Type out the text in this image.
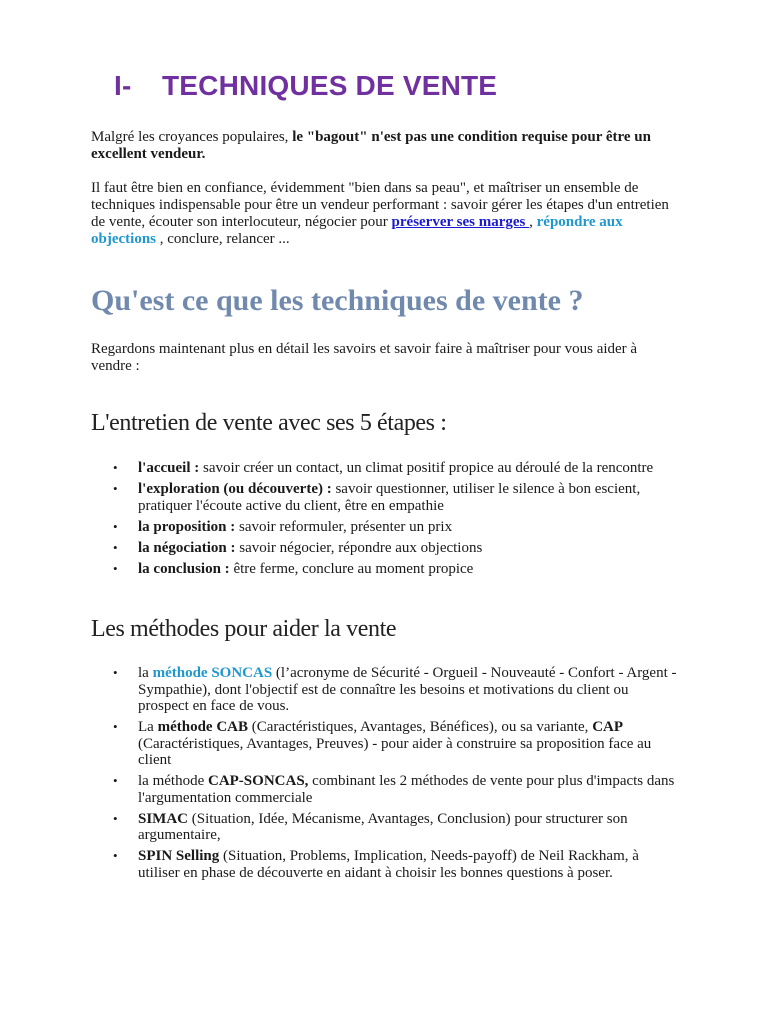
I- TECHNIQUES DE VENTE
Malgré les croyances populaires, le "bagout" n'est pas une condition requise pour être un excellent vendeur.
Il faut être bien en confiance, évidemment "bien dans sa peau", et maîtriser un ensemble de techniques indispensable pour être un vendeur performant : savoir gérer les étapes d'un entretien de vente, écouter son interlocuteur, négocier pour préserver ses marges , répondre aux objections , conclure, relancer ...
Qu'est ce que les techniques de vente ?
Regardons maintenant plus en détail les savoirs et savoir faire à maîtriser pour vous aider à vendre :
L'entretien de vente avec ses 5 étapes :
• l'accueil : savoir créer un contact, un climat positif propice au déroulé de la rencontre
• l'exploration (ou découverte) : savoir questionner, utiliser le silence à bon escient, pratiquer l'écoute active du client, être en empathie
• la proposition : savoir reformuler, présenter un prix
• la négociation : savoir négocier, répondre aux objections
• la conclusion : être ferme, conclure au moment propice
Les méthodes pour aider la vente
• la méthode SONCAS (l’acronyme de Sécurité - Orgueil - Nouveauté - Confort - Argent - Sympathie), dont l'objectif est de connaître les besoins et motivations du client ou prospect en face de vous.
• La méthode CAB (Caractéristiques, Avantages, Bénéfices), ou sa variante, CAP (Caractéristiques, Avantages, Preuves) - pour aider à construire sa proposition face au client
• la méthode CAP-SONCAS, combinant les 2 méthodes de vente pour plus d'impacts dans l'argumentation commerciale
• SIMAC (Situation, Idée, Mécanisme, Avantages, Conclusion) pour structurer son argumentaire,
• SPIN Selling (Situation, Problems, Implication, Needs-payoff) de Neil Rackham, à utiliser en phase de découverte en aidant à choisir les bonnes questions à poser.
